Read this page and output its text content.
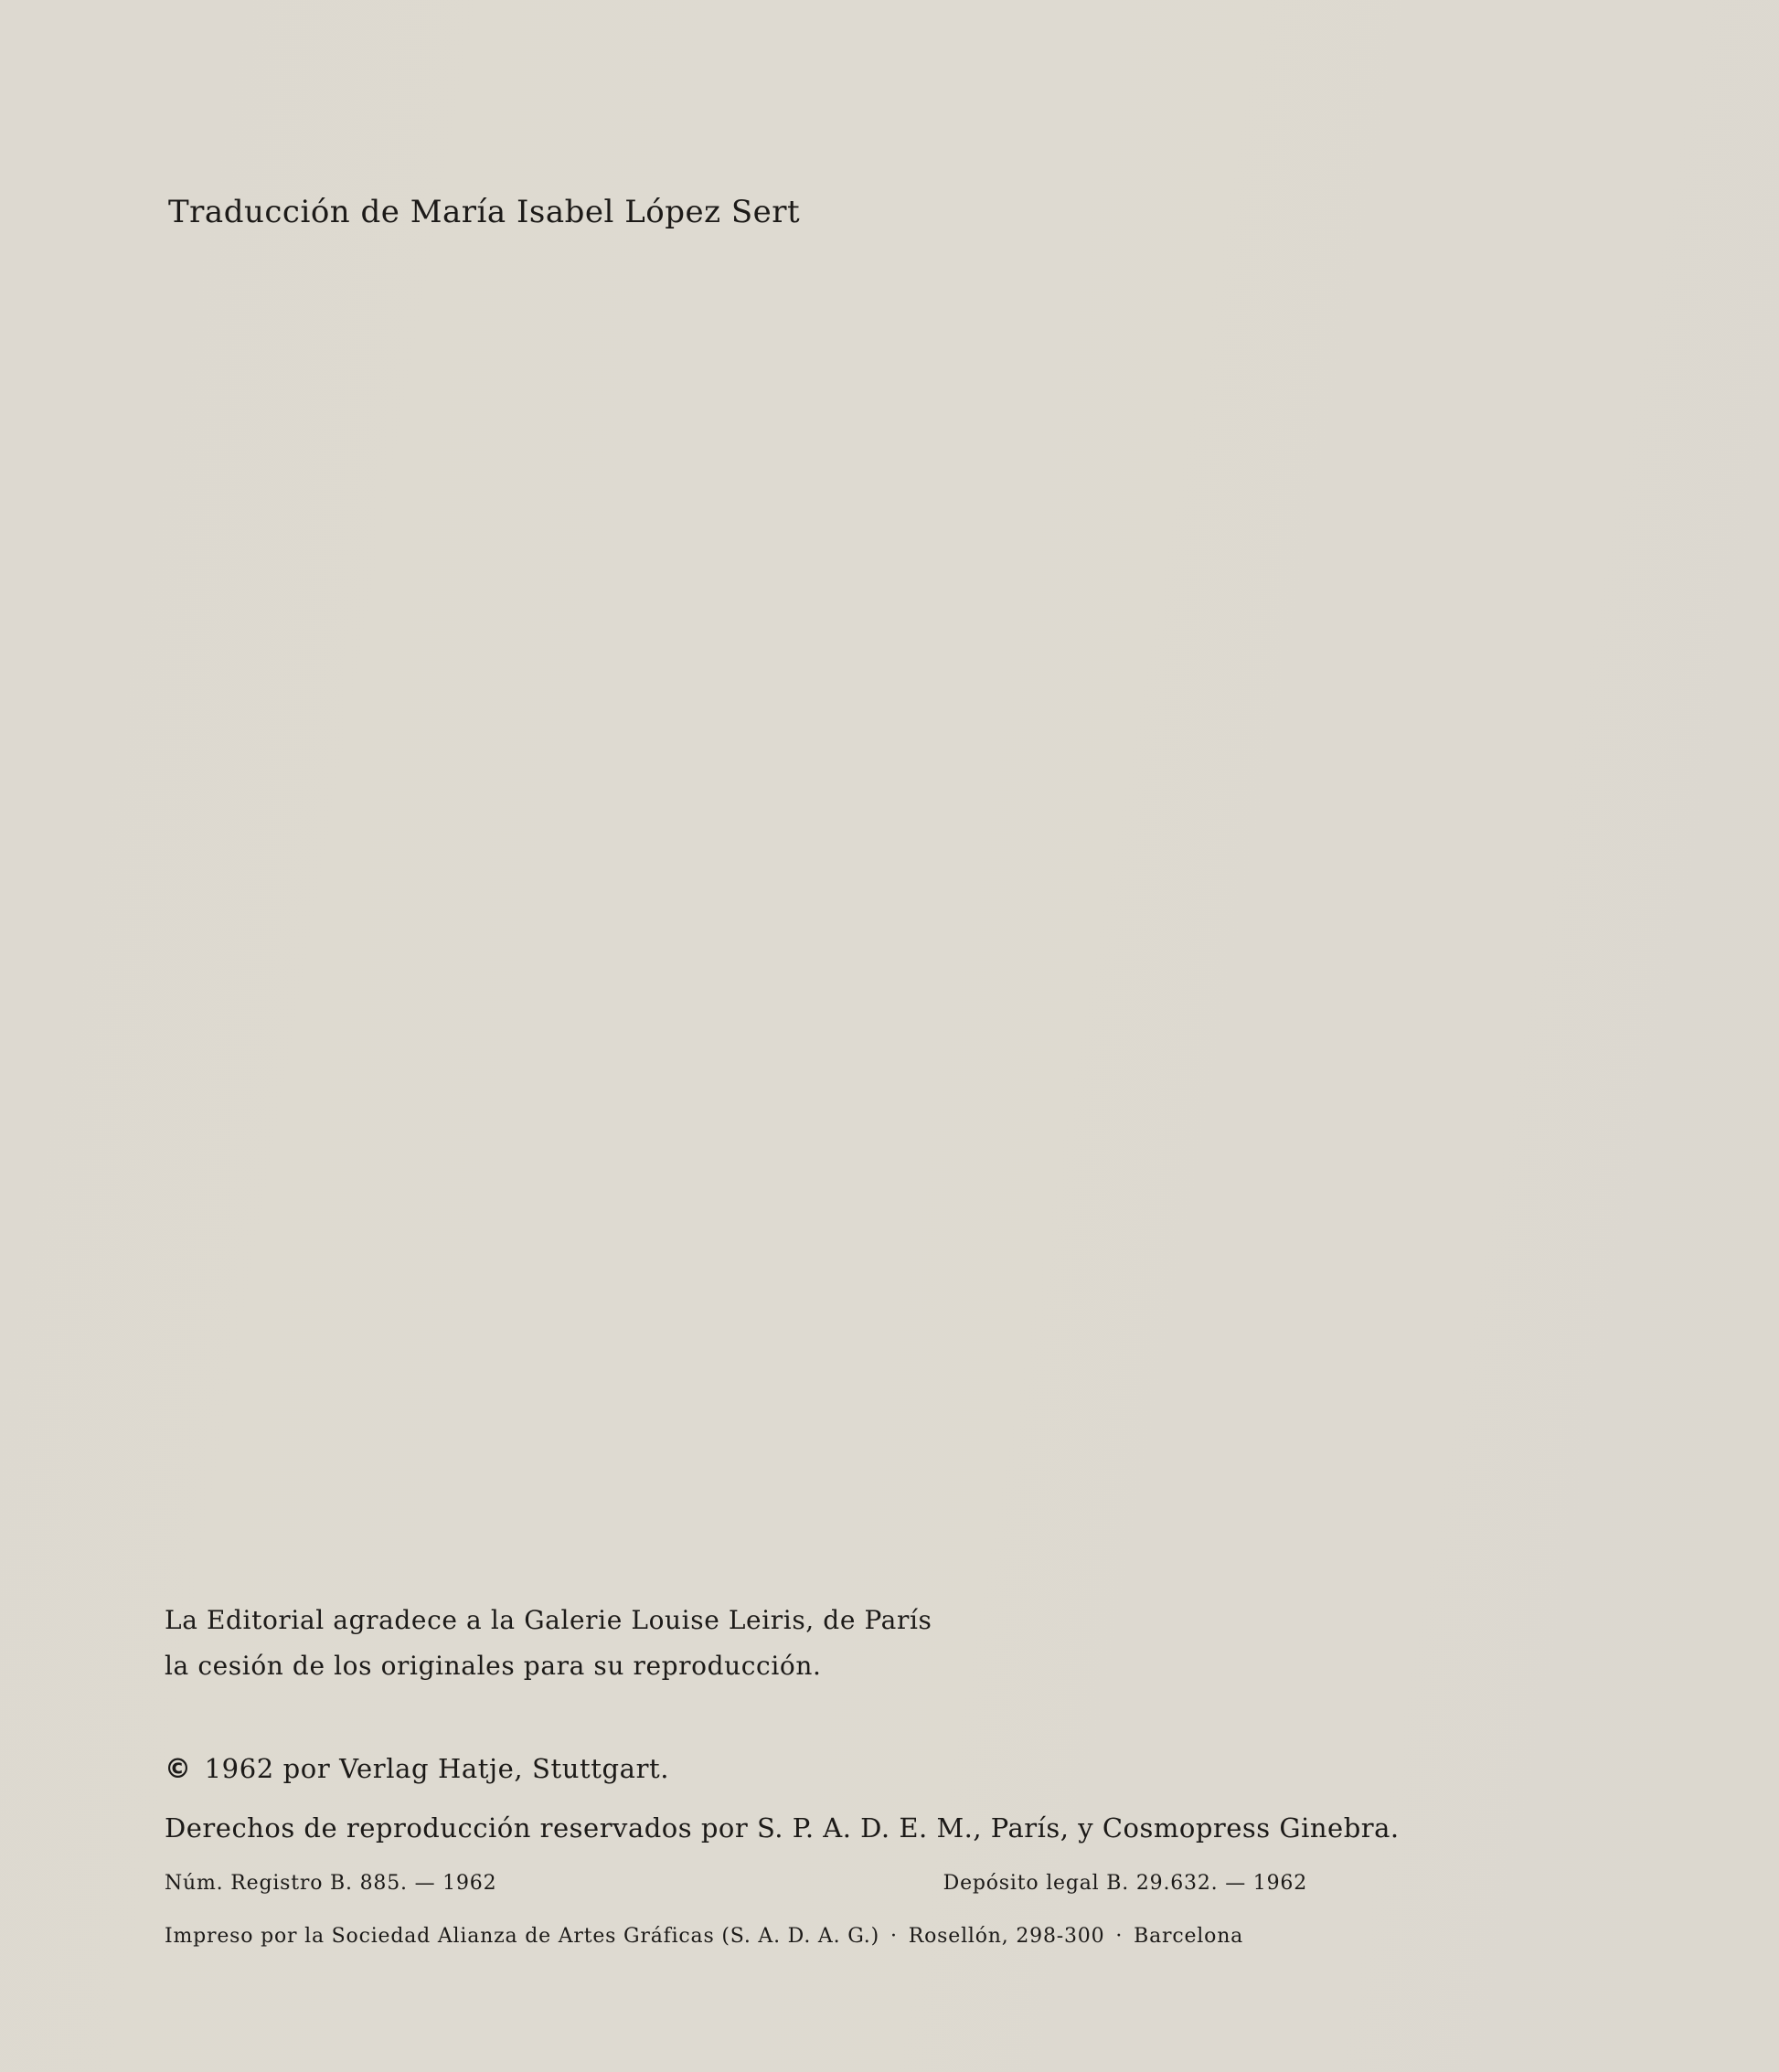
Traducción de María Isabel López Sert
La Editorial agradece a la Galerie Louise Leiris, de París
la cesión de los originales para su reproducción.
© 1962 por Verlag Hatje, Stuttgart.
Derechos de reproducción reservados por S. P. A. D. E. M., París, y Cosmopress Ginebra.
Núm. Registro B. 885. — 1962	Depósito legal B. 29.632. — 1962
Impreso por la Sociedad Alianza de Artes Gráficas (S. A. D. A. G.) · Rosellón, 298-300 · Barcelona
